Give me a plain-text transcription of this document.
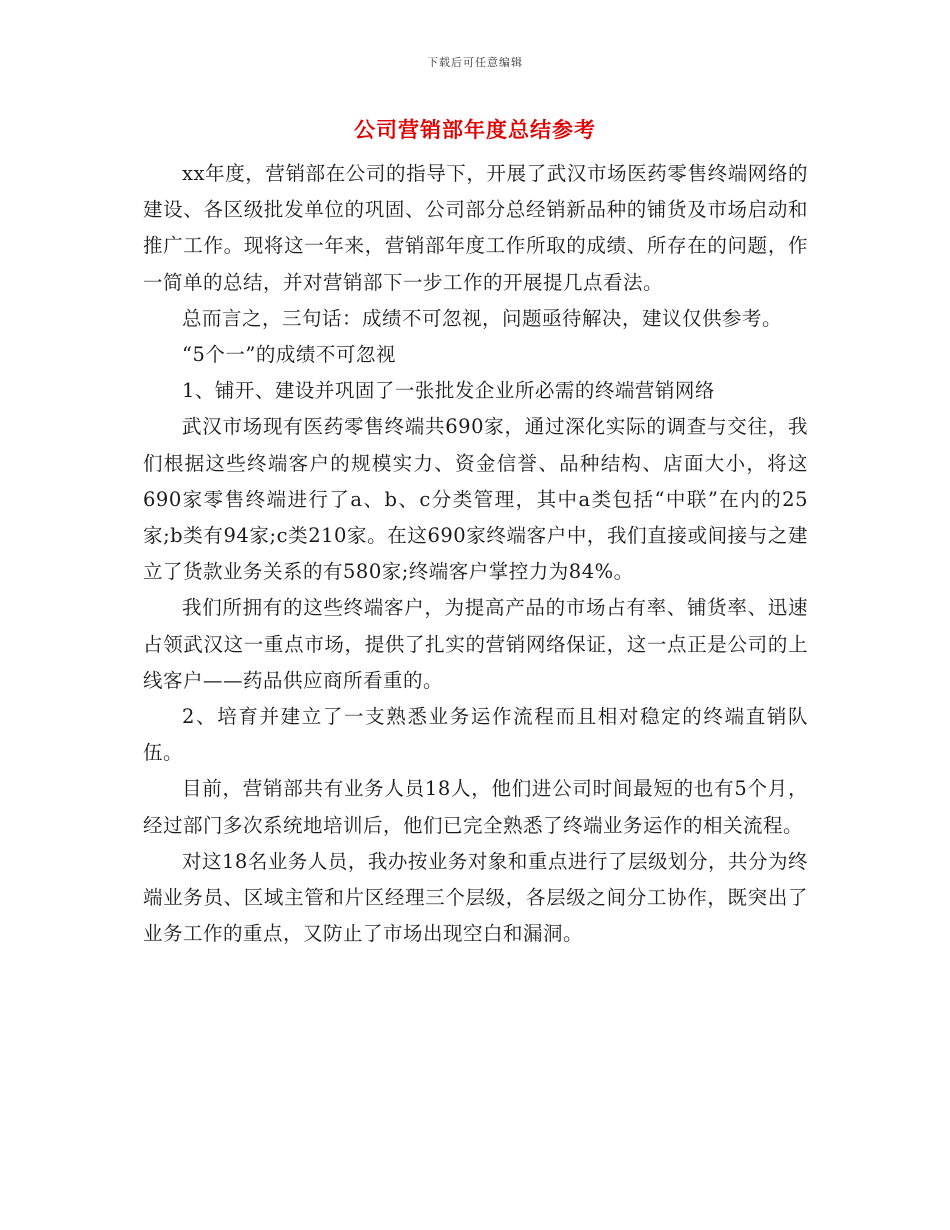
下载后可任意编辑
公司营销部年度总结参考

xx年度，营销部在公司的指导下，开展了武汉市场医药零售终端网络的建设、各区级批发单位的巩固、公司部分总经销新品种的铺货及市场启动和推广工作。现将这一年来，营销部年度工作所取的成绩、所存在的问题，作一简单的总结，并对营销部下一步工作的开展提几点看法。

总而言之，三句话：成绩不可忽视，问题亟待解决，建议仅供参考。

“5个一”的成绩不可忽视

1、铺开、建设并巩固了一张批发企业所必需的终端营销网络

武汉市场现有医药零售终端共690家，通过深化实际的调查与交往，我们根据这些终端客户的规模实力、资金信誉、品种结构、店面大小，将这690家零售终端进行了a、b、c分类管理，其中a类包括“中联”在内的25家;b类有94家;c类210家。在这690家终端客户中，我们直接或间接与之建立了货款业务关系的有580家;终端客户掌控力为84%。

我们所拥有的这些终端客户，为提高产品的市场占有率、铺货率、迅速占领武汉这一重点市场，提供了扎实的营销网络保证，这一点正是公司的上线客户——药品供应商所看重的。

2、培育并建立了一支熟悉业务运作流程而且相对稳定的终端直销队伍。

目前，营销部共有业务人员18人，他们进公司时间最短的也有5个月，经过部门多次系统地培训后，他们已完全熟悉了终端业务运作的相关流程。

对这18名业务人员，我办按业务对象和重点进行了层级划分，共分为终端业务员、区域主管和片区经理三个层级，各层级之间分工协作，既突出了业务工作的重点，又防止了市场出现空白和漏洞。
